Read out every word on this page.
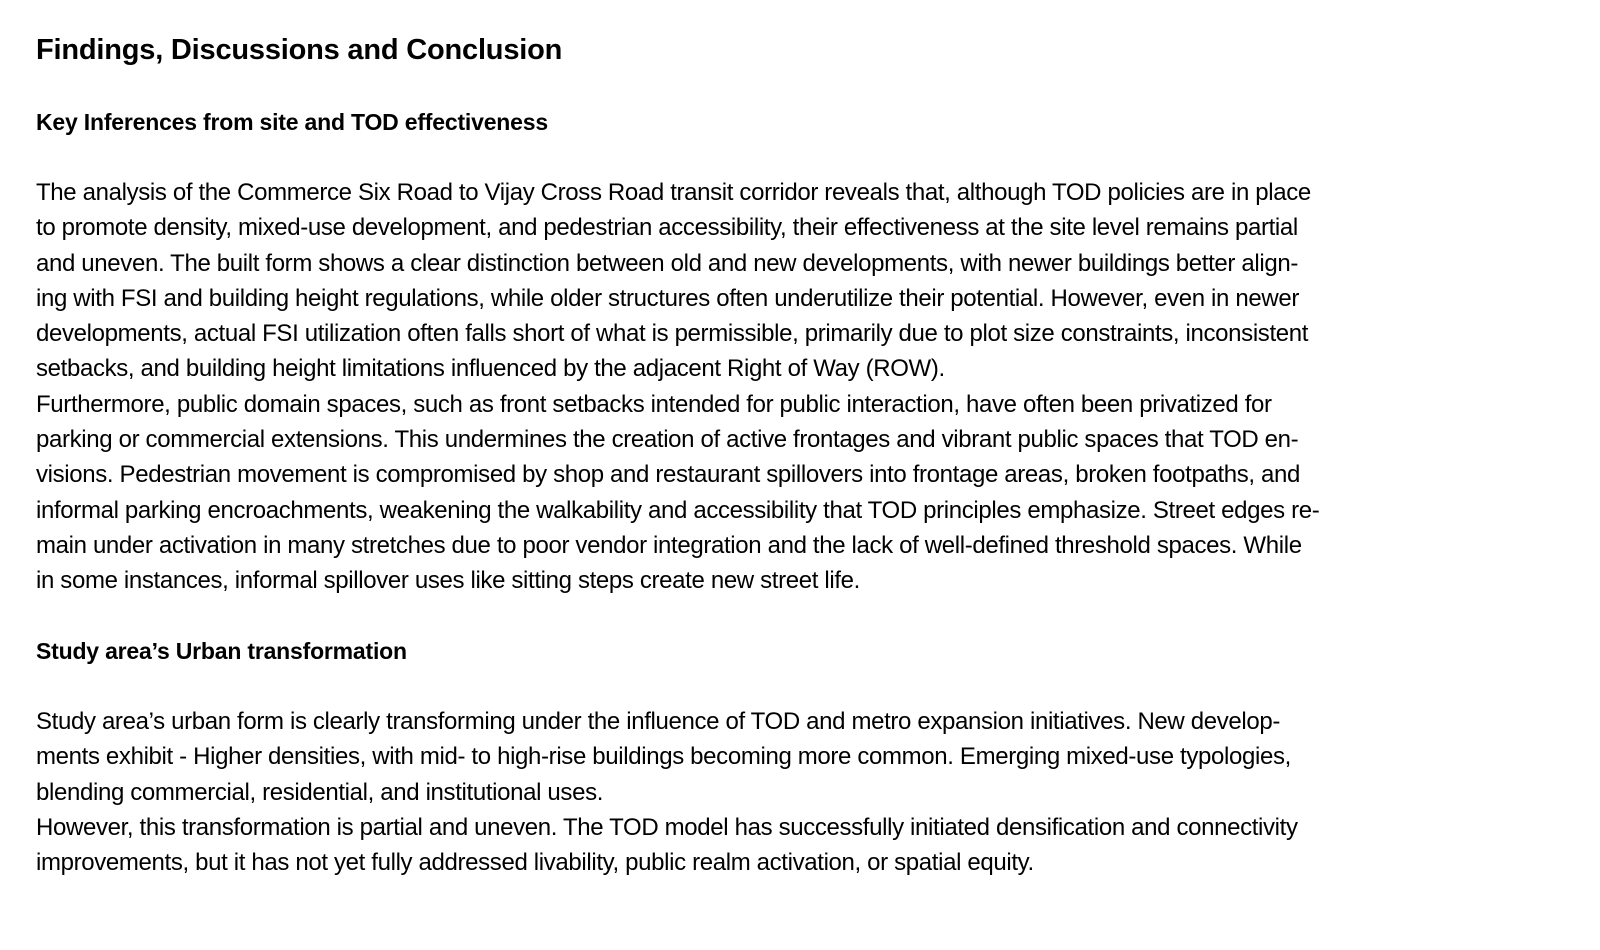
Findings, Discussions and Conclusion
Key Inferences from site and TOD effectiveness
The analysis of the Commerce Six Road to Vijay Cross Road transit corridor reveals that, although TOD policies are in place
to promote density, mixed-use development, and pedestrian accessibility, their effectiveness at the site level remains partial
and uneven. The built form shows a clear distinction between old and new developments, with newer buildings better align-
ing with FSI and building height regulations, while older structures often underutilize their potential. However, even in newer
developments, actual FSI utilization often falls short of what is permissible, primarily due to plot size constraints, inconsistent
setbacks, and building height limitations influenced by the adjacent Right of Way (ROW).
Furthermore, public domain spaces, such as front setbacks intended for public interaction, have often been privatized for
parking or commercial extensions. This undermines the creation of active frontages and vibrant public spaces that TOD en-
visions. Pedestrian movement is compromised by shop and restaurant spillovers into frontage areas, broken footpaths, and
informal parking encroachments, weakening the walkability and accessibility that TOD principles emphasize. Street edges re-
main under activation in many stretches due to poor vendor integration and the lack of well-defined threshold spaces. While
in some instances, informal spillover uses like sitting steps create new street life.
Study area’s Urban transformation
Study area’s urban form is clearly transforming under the influence of TOD and metro expansion initiatives. New develop-
ments exhibit - Higher densities, with mid- to high-rise buildings becoming more common. Emerging mixed-use typologies,
blending commercial, residential, and institutional uses.
However, this transformation is partial and uneven. The TOD model has successfully initiated densification and connectivity
improvements, but it has not yet fully addressed livability, public realm activation, or spatial equity.
